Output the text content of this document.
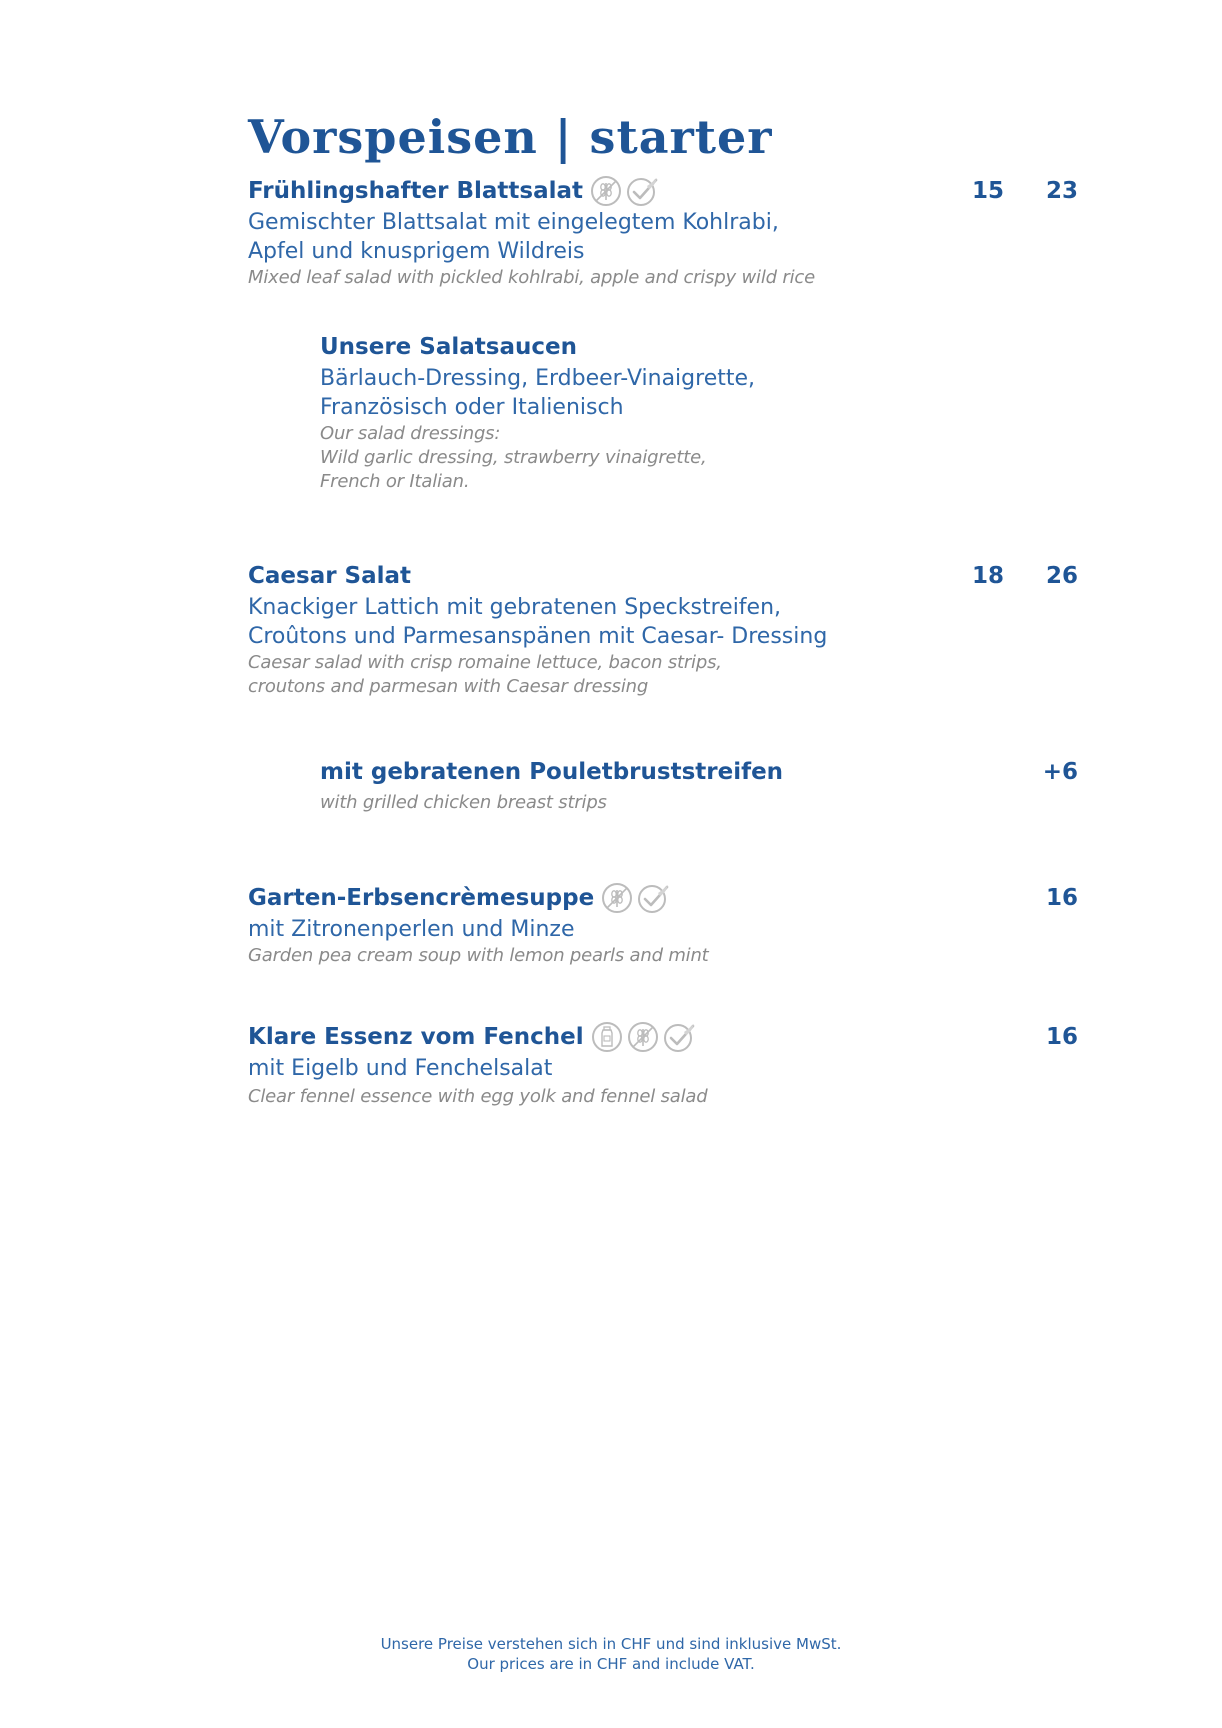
Vorspeisen | starter
Frühlingshafter Blattsalat
Gemischter Blattsalat mit eingelegtem Kohlrabi,
Apfel und knusprigem Wildreis
Mixed leaf salad with pickled kohlrabi, apple and crispy wild rice
15	23
Unsere Salatsaucen
Bärlauch-Dressing, Erdbeer-Vinaigrette,
Französisch oder Italienisch
Our salad dressings:
Wild garlic dressing, strawberry vinaigrette,
French or Italian.
Caesar Salat
Knackiger Lattich mit gebratenen Speckstreifen,
Croûtons und Parmesanspänen mit Caesar- Dressing
Caesar salad with crisp romaine lettuce, bacon strips,
croutons and parmesan with Caesar dressing
18	26
mit gebratenen Pouletbruststreifen
with grilled chicken breast strips
+6
Garten-Erbsencrèmesuppe
mit Zitronenperlen und Minze
Garden pea cream soup with lemon pearls and mint
16
Klare Essenz vom Fenchel
mit Eigelb und Fenchelsalat
Clear fennel essence with egg yolk and fennel salad
16
Unsere Preise verstehen sich in CHF und sind inklusive MwSt.
Our prices are in CHF and include VAT.
